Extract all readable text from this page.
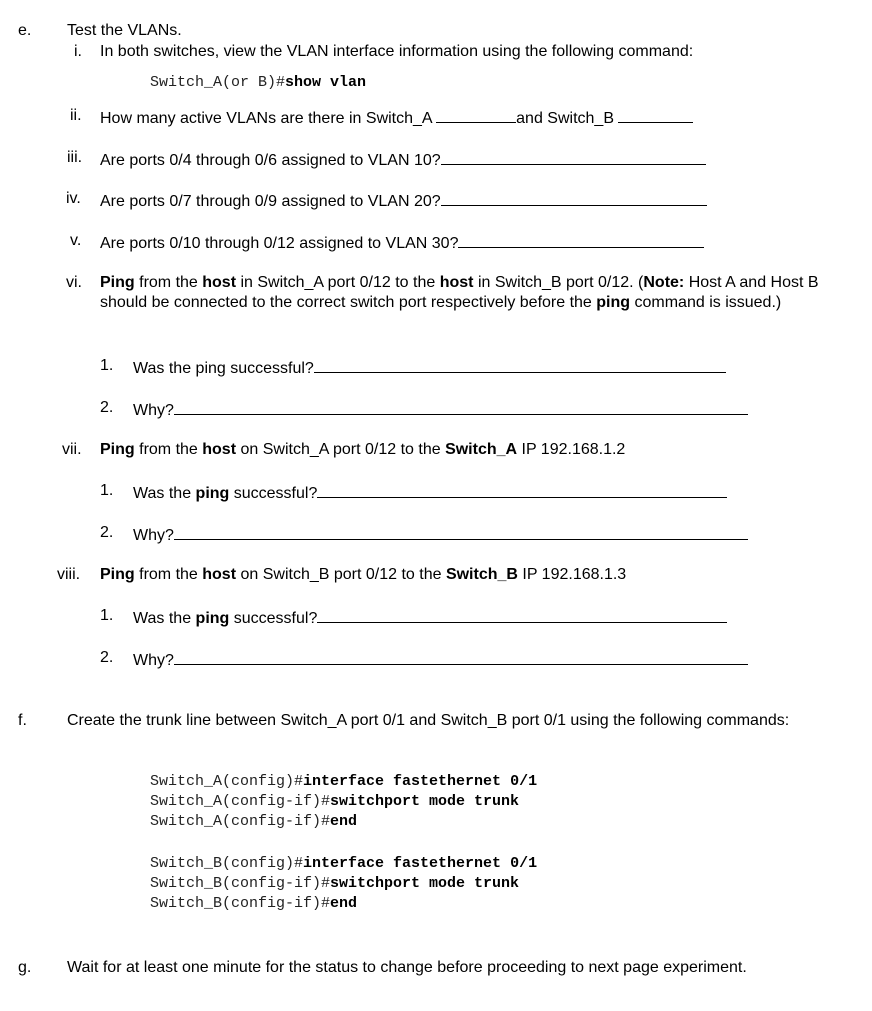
e. Test the VLANs.
i. In both switches, view the VLAN interface information using the following command:
Switch_A(or B)#show vlan
ii. How many active VLANs are there in Switch_A	and Switch_B
iii. Are ports 0/4 through 0/6 assigned to VLAN 10?
iv. Are ports 0/7 through 0/9 assigned to VLAN 20?
v. Are ports 0/10 through 0/12 assigned to VLAN 30?
vi. Ping from the host in Switch_A port 0/12 to the host in Switch_B port 0/12. (Note: Host A and Host B should be connected to the correct switch port respectively before the ping command is issued.)
1. Was the ping successful?
2. Why?
vii. Ping from the host on Switch_A port 0/12 to the Switch_A IP 192.168.1.2
1. Was the ping successful?
2. Why?
viii. Ping from the host on Switch_B port 0/12 to the Switch_B IP 192.168.1.3
1. Was the ping successful?
2. Why?
f.	Create the trunk line between Switch_A port 0/1 and Switch_B port 0/1 using the following commands:
Switch_A(config)#interface fastethernet 0/1
Switch_A(config-if)#switchport mode trunk
Switch_A(config-if)#end
Switch_B(config)#interface fastethernet 0/1
Switch_B(config-if)#switchport mode trunk
Switch_B(config-if)#end
g. Wait for at least one minute for the status to change before proceeding to next page experiment.
